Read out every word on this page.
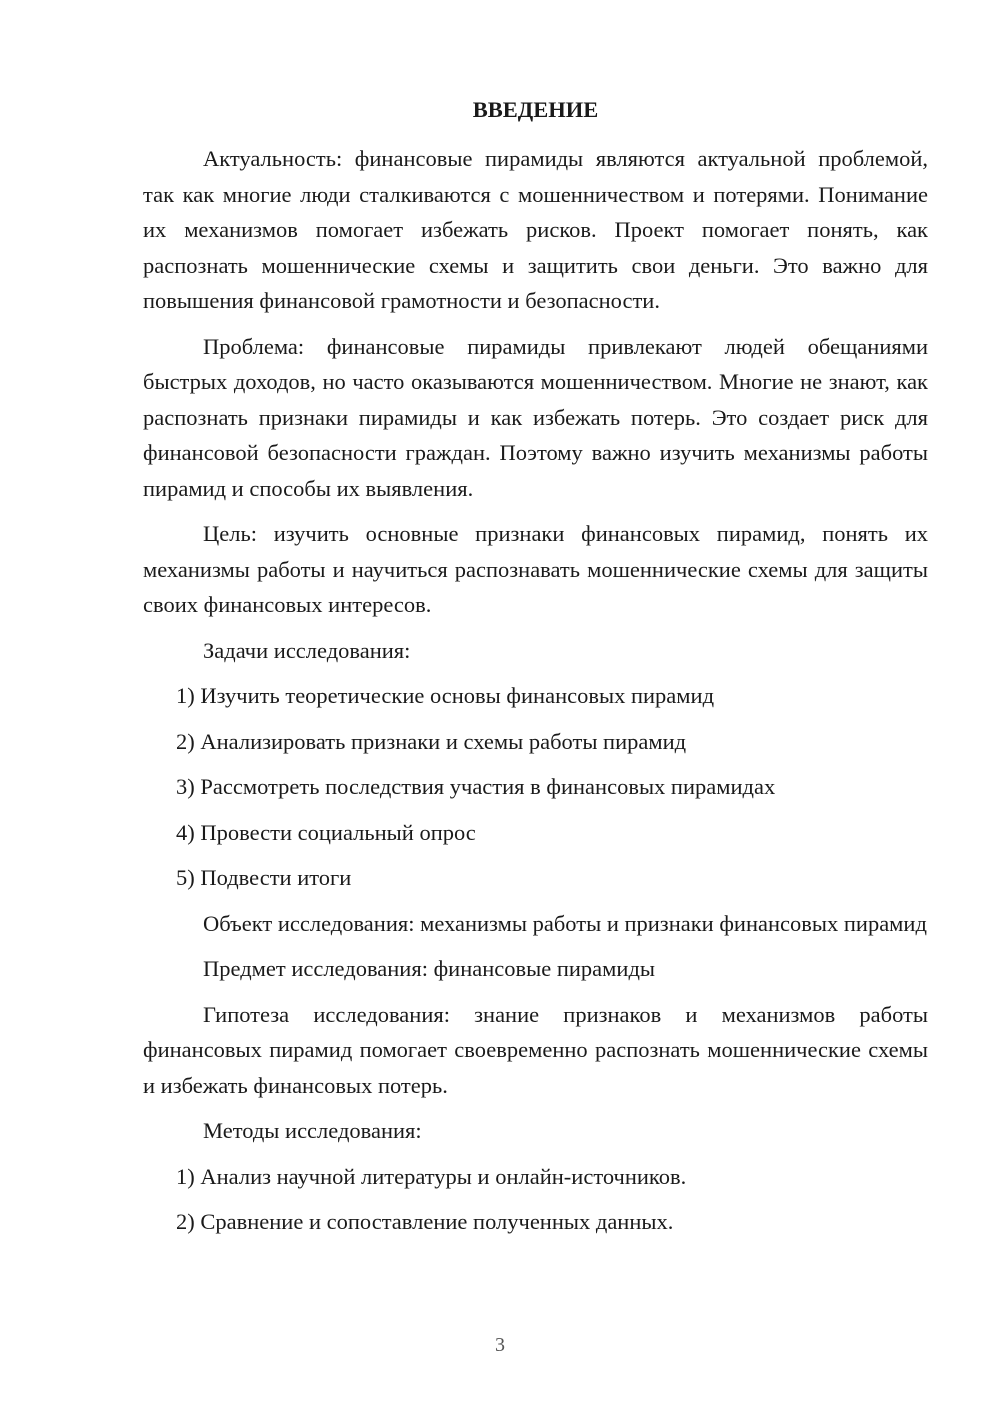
ВВЕДЕНИЕ
Актуальность: финансовые пирамиды являются актуальной проблемой, так как многие люди сталкиваются с мошенничеством и потерями. Понимание их механизмов помогает избежать рисков. Проект помогает понять, как распознать мошеннические схемы и защитить свои деньги. Это важно для повышения финансовой грамотности и безопасности.
Проблема: финансовые пирамиды привлекают людей обещаниями быстрых доходов, но часто оказываются мошенничеством. Многие не знают, как распознать признаки пирамиды и как избежать потерь. Это создает риск для финансовой безопасности граждан. Поэтому важно изучить механизмы работы пирамид и способы их выявления.
Цель: изучить основные признаки финансовых пирамид, понять их механизмы работы и научиться распознавать мошеннические схемы для защиты своих финансовых интересов.
Задачи исследования:
1) Изучить теоретические основы финансовых пирамид
2) Анализировать признаки и схемы работы пирамид
3) Рассмотреть последствия участия в финансовых пирамидах
4) Провести социальный опрос
5) Подвести итоги
Объект исследования: механизмы работы и признаки финансовых пирамид
Предмет исследования: финансовые пирамиды
Гипотеза исследования: знание признаков и механизмов работы финансовых пирамид помогает своевременно распознать мошеннические схемы и избежать финансовых потерь.
Методы исследования:
1) Анализ научной литературы и онлайн-источников.
2) Сравнение и сопоставление полученных данных.
3
